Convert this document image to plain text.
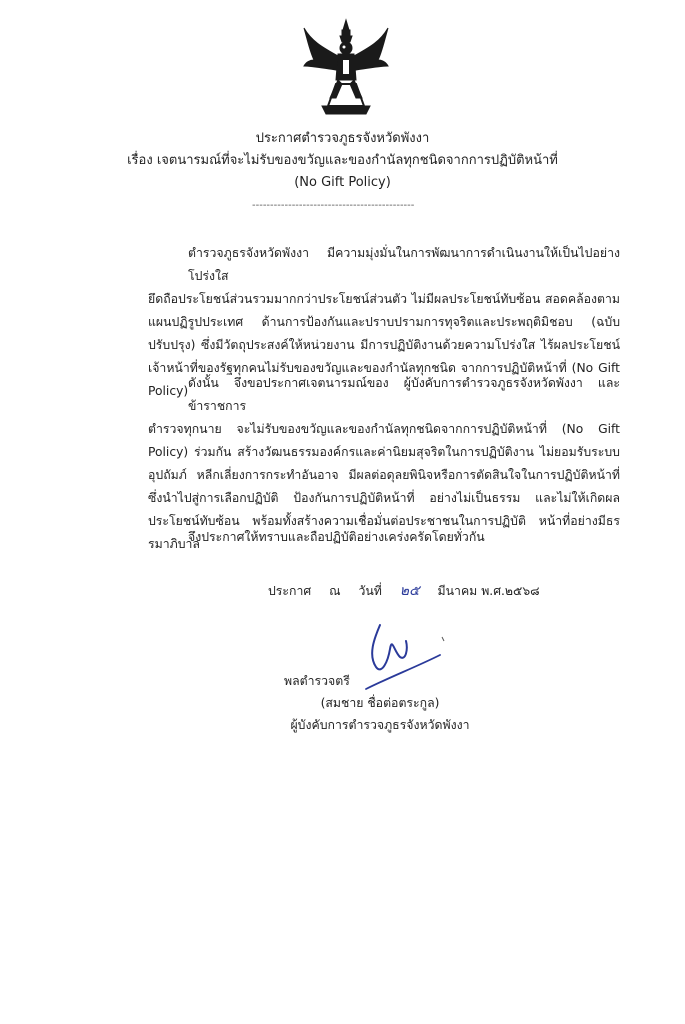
ประกาศตำรวจภูธรจังหวัดพังงา
เรื่อง เจตนารมณ์ที่จะไม่รับของขวัญและของกำนัลทุกชนิดจากการปฏิบัติหน้าที่
(No Gift Policy)
---------------------------------------------
ตำรวจภูธรจังหวัดพังงา มีความมุ่งมั่นในการพัฒนาการดำเนินงานให้เป็นไปอย่างโปร่งใส
ยึดถือประโยชน์ส่วนรวมมากกว่าประโยชน์ส่วนตัว ไม่มีผลประโยชน์ทับซ้อน สอดคล้องตามแผนปฏิรูปประเทศ ด้านการป้องกันและปราบปรามการทุจริตและประพฤติมิชอบ (ฉบับปรับปรุง) ซึ่งมีวัตถุประสงค์ให้หน่วยงาน มีการปฏิบัติงานด้วยความโปร่งใส ไร้ผลประโยชน์ เจ้าหน้าที่ของรัฐทุกคนไม่รับของขวัญและของกำนัลทุกชนิด จากการปฏิบัติหน้าที่ (No Gift Policy)
ดังนั้น จึงขอประกาศเจตนารมณ์ของ ผู้บังคับการตำรวจภูธรจังหวัดพังงา และข้าราชการ
ตำรวจทุกนาย จะไม่รับของขวัญและของกำนัลทุกชนิดจากการปฏิบัติหน้าที่ (No Gift Policy) ร่วมกัน สร้างวัฒนธรรมองค์กรและค่านิยมสุจริตในการปฏิบัติงาน ไม่ยอมรับระบบอุปถัมภ์ หลีกเลี่ยงการกระทำอันอาจ มีผลต่อดุลยพินิจหรือการตัดสินใจในการปฏิบัติหน้าที่ซึ่งนำไปสู่การเลือกปฏิบัติ ป้องกันการปฏิบัติหน้าที่ อย่างไม่เป็นธรรม และไม่ให้เกิดผลประโยชน์ทับซ้อน พร้อมทั้งสร้างความเชื่อมั่นต่อประชาชนในการปฏิบัติ หน้าที่อย่างมีธรรมาภิบาล
จึงประกาศให้ทราบและถือปฏิบัติอย่างเคร่งครัดโดยทั่วกัน
ประกาศ ณ วันที่ ๒๕ มีนาคม พ.ศ.๒๕๖๘
พลตำรวจตรี
(สมชาย ชื่อต่อตระกูล)
ผู้บังคับการตำรวจภูธรจังหวัดพังงา
